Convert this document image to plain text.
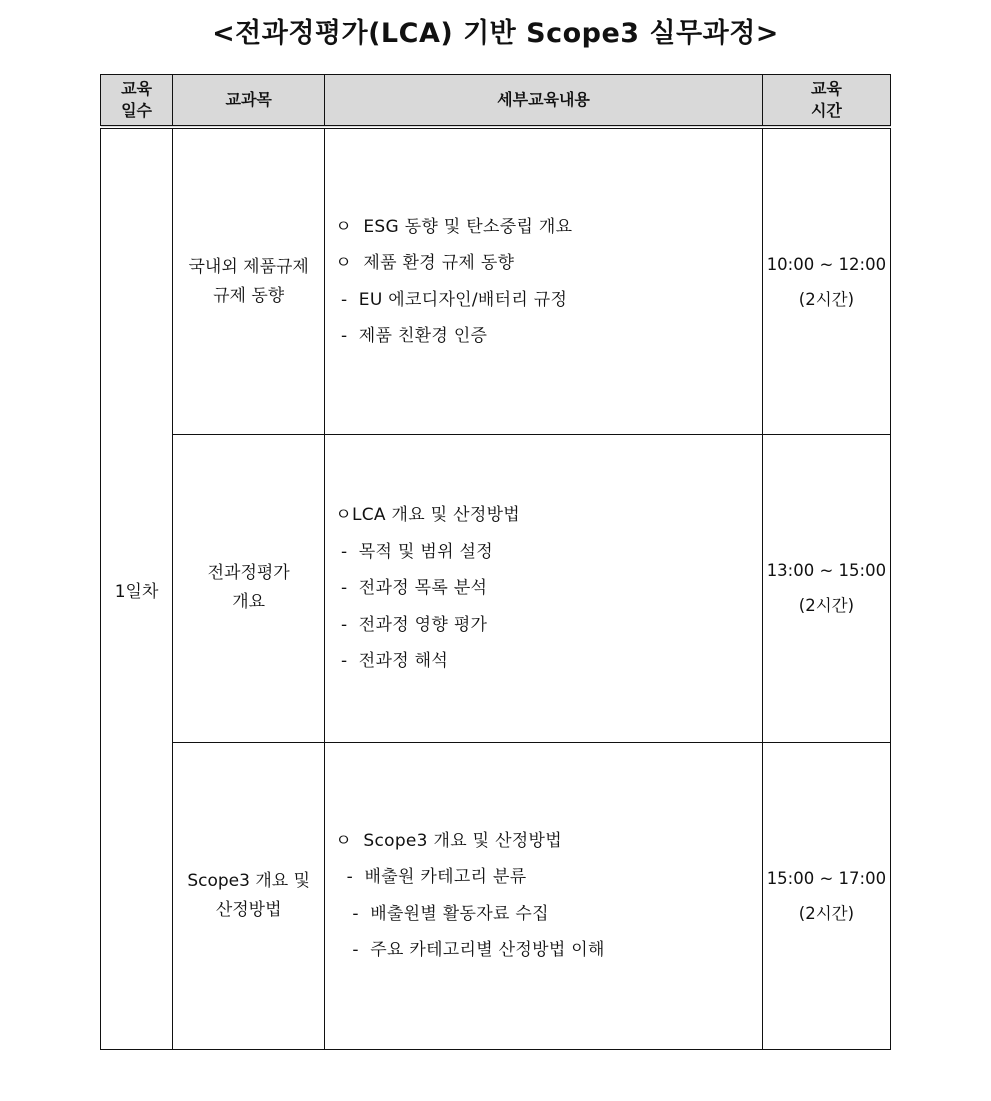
<전과정평가(LCA) 기반 Scope3 실무과정>
교육
일수	교과목	세부교육내용	교육
시간

1일차	국내외 제품규제
규제 동향	ㅇ  ESG 동향 및 탄소중립 개요
ㅇ  제품 환경 규제 동향
-  EU 에코디자인/배터리 규정
-  제품 친환경 인증	10:00 ~ 12:00
(2시간)

	전과정평가
개요	ㅇLCA 개요 및 산정방법
-  목적 및 범위 설정
-  전과정 목록 분석
-  전과정 영향 평가
-  전과정 해석	13:00 ~ 15:00
(2시간)

	Scope3 개요 및
산정방법	ㅇ  Scope3 개요 및 산정방법
-  배출원 카테고리 분류
-  배출원별 활동자료 수집
-  주요 카테고리별 산정방법 이해	15:00 ~ 17:00
(2시간)
